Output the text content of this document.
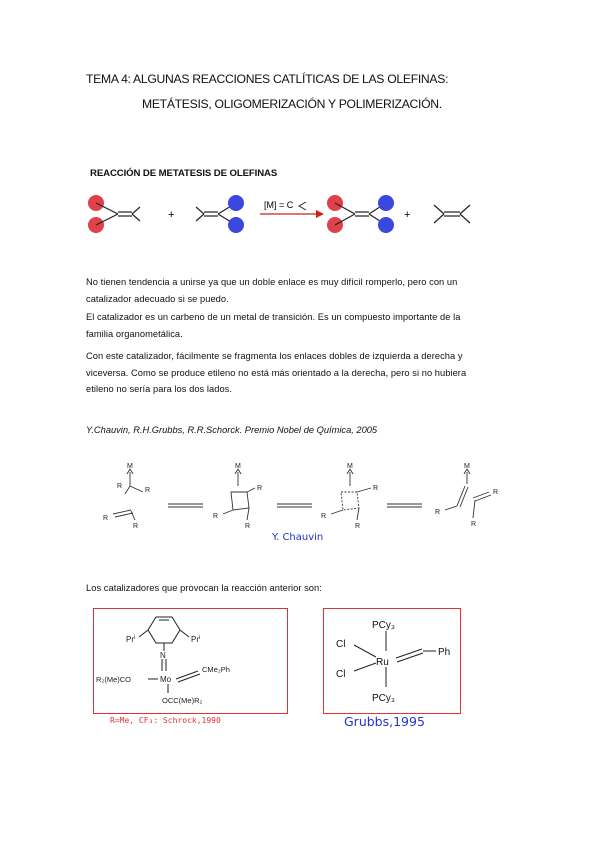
TEMA 4: ALGUNAS REACCIONES CATLÍTICAS DE LAS OLEFINAS:
METÁTESIS, OLIGOMERIZACIÓN Y POLIMERIZACIÓN.
REACCIÓN DE METATESIS DE OLEFINAS
+
[M] = C
+
No tienen tendencia a unirse ya que un doble enlace es muy difícil romperlo, pero con un
catalizador adecuado si se puedo.
El catalizador es un carbeno de un metal de transición. Es un compuesto importante de la
familia organometálica.
Con este catalizador, fácilmente se fragmenta los enlaces dobles de izquierda a derecha y
viceversa. Como se produce etileno no está más orientado a la derecha, pero si no hubiera
etileno no sería para los dos lados.
Y.Chauvin, R.H.Grubbs, R.R.Schorck. Premio Nobel de Química, 2005
M
R
R
R
R
M
R
R
R
M
R
R
R
M
R
R
R
Y. Chauvin
Los catalizadores que provocan la reacción anterior son:
Pr$^i$	Pr$^i$
N
Mo
R₂(Me)CO
CMe₂Ph
OCC(Me)R₂
R=Me, CF₃: Schrock,1990
PCy₃
PCy₃
Cl
Cl
Ru
Ph
Grubbs,1995
